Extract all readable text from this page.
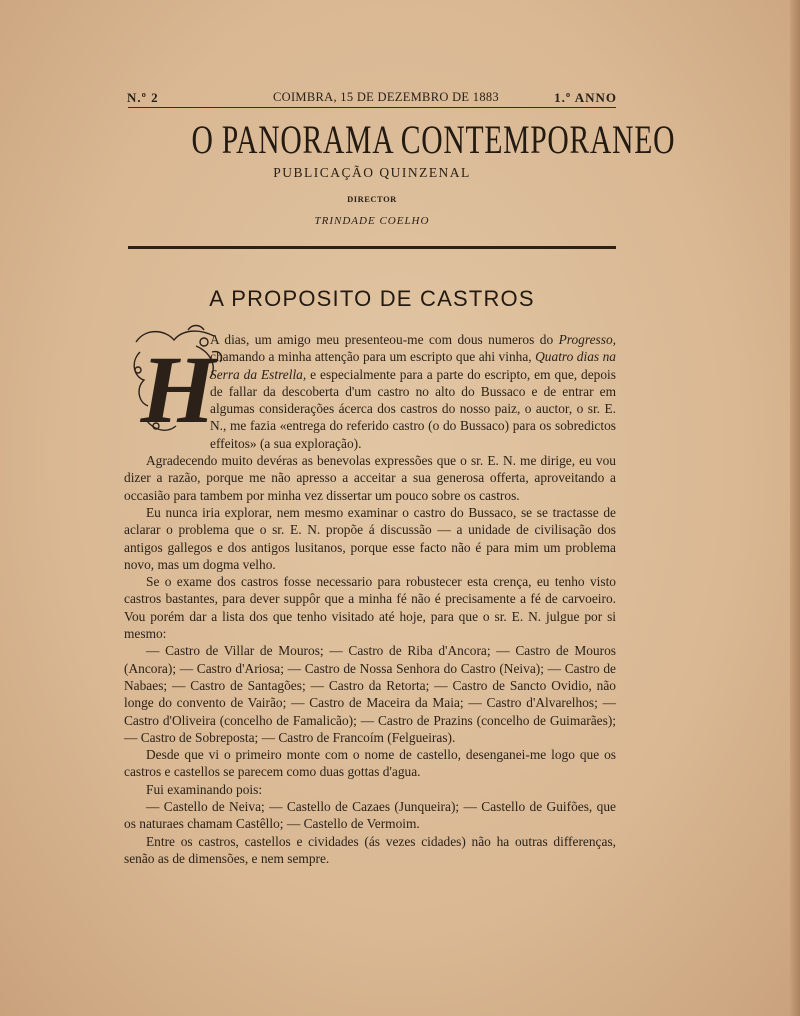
N.º 2	COIMBRA, 15 DE DEZEMBRO DE 1883	1.º ANNO
O PANORAMA CONTEMPORANEO
PUBLICAÇÃO QUINZENAL
DIRECTOR
TRINDADE COELHO
A PROPOSITO DE CASTROS
H

A dias, um amigo meu presenteou-me com dous numeros do Progresso, chamando a minha attenção para um escripto que ahi vinha, Quatro dias na Serra da Estrella, e especialmente para a parte do escripto, em que, depois de fallar da descoberta d'um castro no alto do Bussaco e de entrar em algumas considerações ácerca dos castros do nosso paiz, o auctor, o sr. E. N., me fazia «entrega do referido castro (o do Bussaco) para os sobredictos effeitos» (a sua exploração).

Agradecendo muito devéras as benevolas expressões que o sr. E. N. me dirige, eu vou dizer a razão, porque me não apresso a acceitar a sua generosa offerta, aproveitando a occasião para tambem por minha vez dissertar um pouco sobre os castros.

Eu nunca iria explorar, nem mesmo examinar o castro do Bussaco, se se tractasse de aclarar o problema que o sr. E. N. propõe á discussão — a unidade de civilisação dos antigos gallegos e dos antigos lusitanos, porque esse facto não é para mim um problema novo, mas um dogma velho.

Se o exame dos castros fosse necessario para robustecer esta crença, eu tenho visto castros bastantes, para dever suppôr que a minha fé não é precisamente a fé de carvoeiro. Vou porém dar a lista dos que tenho visitado até hoje, para que o sr. E. N. julgue por si mesmo:

— Castro de Villar de Mouros; — Castro de Riba d'Ancora; — Castro de Mouros (Ancora); — Castro d'Ariosa; — Castro de Nossa Senhora do Castro (Neiva); — Castro de Nabaes; — Castro de Santagões; — Castro da Retorta; — Castro de Sancto Ovidio, não longe do convento de Vairão; — Castro de Maceira da Maia; — Castro d'Alvarelhos; — Castro d'Oliveira (concelho de Famalicão); — Castro de Prazins (concelho de Guimarães); — Castro de Sobreposta; — Castro de Francoím (Felgueiras).

Desde que vi o primeiro monte com o nome de castello, desenganei-me logo que os castros e castellos se parecem como duas gottas d'agua.

Fui examinando pois:

— Castello de Neiva; — Castello de Cazaes (Junqueira); — Castello de Guifões, que os naturaes chamam Castêllo; — Castello de Vermoim.

Entre os castros, castellos e cividades (ás vezes cidades) não ha outras differenças, senão as de dimensões, e nem sempre.
